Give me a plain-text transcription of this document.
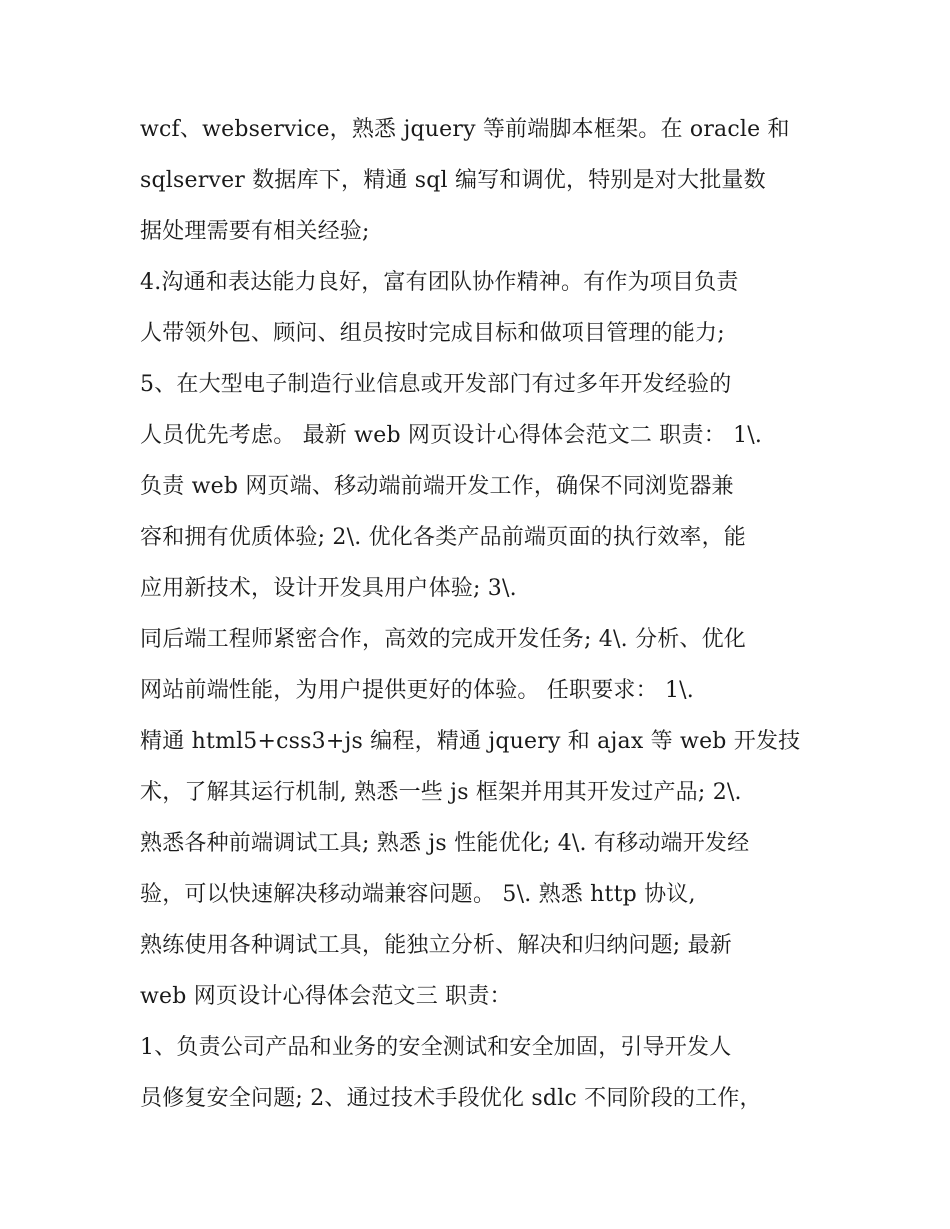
wcf、webservice，熟悉 jquery 等前端脚本框架。在 oracle 和
sqlserver 数据库下，精通 sql 编写和调优，特别是对大批量数
据处理需要有相关经验;
4.沟通和表达能力良好，富有团队协作精神。有作为项目负责
人带领外包、顾问、组员按时完成目标和做项目管理的能力;
5、在大型电子制造行业信息或开发部门有过多年开发经验的
人员优先考虑。 最新 web 网页设计心得体会范文二 职责： 1\.
负责 web 网页端、移动端前端开发工作，确保不同浏览器兼
容和拥有优质体验; 2\. 优化各类产品前端页面的执行效率，能
应用新技术，设计开发具用户体验; 3\.
同后端工程师紧密合作，高效的完成开发任务; 4\. 分析、优化
网站前端性能，为用户提供更好的体验。 任职要求： 1\.
精通 html5+css3+js 编程，精通 jquery 和 ajax 等 web 开发技
术，了解其运行机制, 熟悉一些 js 框架并用其开发过产品; 2\.
熟悉各种前端调试工具; 熟悉 js 性能优化; 4\. 有移动端开发经
验，可以快速解决移动端兼容问题。 5\. 熟悉 http 协议,
熟练使用各种调试工具，能独立分析、解决和归纳问题; 最新
web 网页设计心得体会范文三 职责：
1、负责公司产品和业务的安全测试和安全加固，引导开发人
员修复安全问题; 2、通过技术手段优化 sdlc 不同阶段的工作，
